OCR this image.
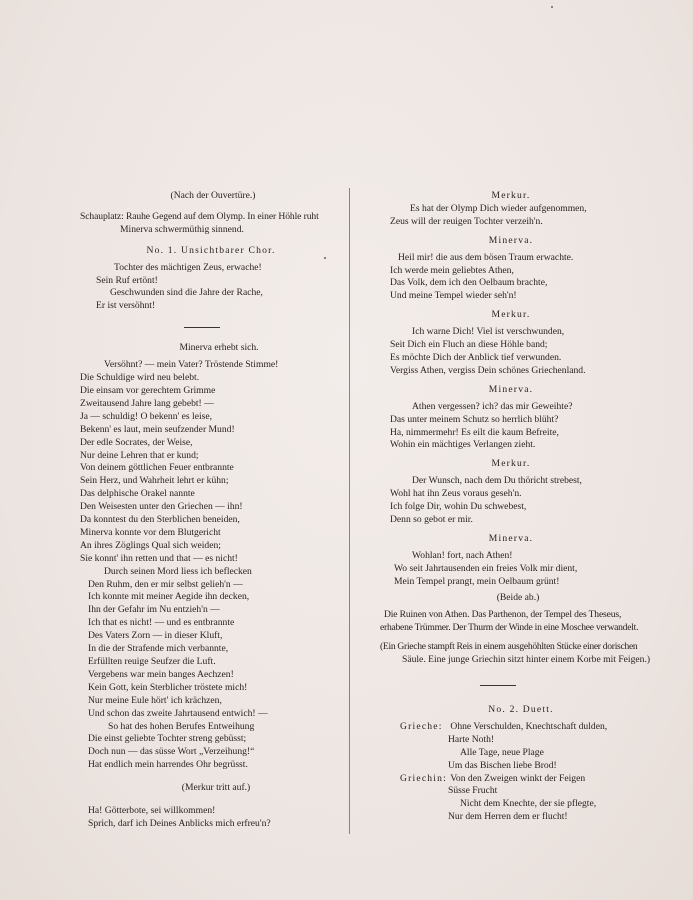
(Nach der Ouvertüre.)
Schauplatz: Rauhe Gegend auf dem Olymp. In einer Höhle ruht
Minerva schwermüthig sinnend.
No. 1. Unsichtbarer Chor.
Tochter des mächtigen Zeus, erwache!
Sein Ruf ertönt!
Geschwunden sind die Jahre der Rache,
Er ist versöhnt!
Minerva erhebt sich.
Versöhnt? — mein Vater? Tröstende Stimme!
Die Schuldige wird neu belebt.
Die einsam vor gerechtem Grimme
Zweitausend Jahre lang gebebt! —
Ja — schuldig! O bekenn' es leise,
Bekenn' es laut, mein seufzender Mund!
Der edle Socrates, der Weise,
Nur deine Lehren that er kund;
Von deinem göttlichen Feuer entbrannte
Sein Herz, und Wahrheit lehrt er kühn;
Das delphische Orakel nannte
Den Weisesten unter den Griechen — ihn!
Da konntest du den Sterblichen beneiden,
Minerva konnte vor dem Blutgericht
An ihres Zöglings Qual sich weiden;
Sie konnt' ihn retten und that — es nicht!
Durch seinen Mord liess ich beflecken
Den Ruhm, den er mir selbst gelieh'n —
Ich konnte mit meiner Aegide ihn decken,
Ihn der Gefahr im Nu entzieh'n —
Ich that es nicht! — und es entbrannte
Des Vaters Zorn — in dieser Kluft,
In die der Strafende mich verbannte,
Erfüllten reuige Seufzer die Luft.
Vergebens war mein banges Aechzen!
Kein Gott, kein Sterblicher tröstete mich!
Nur meine Eule hört' ich krächzen,
Und schon das zweite Jahrtausend entwich! —
So hat des hohen Berufes Entweihung
Die einst geliebte Tochter streng gebüsst;
Doch nun — das süsse Wort „Verzeihung!“
Hat endlich mein harrendes Ohr begrüsst.
(Merkur tritt auf.)
Ha! Götterbote, sei willkommen!
Sprich, darf ich Deines Anblicks mich erfreu'n?
Merkur.
Es hat der Olymp Dich wieder aufgenommen,
Zeus will der reuigen Tochter verzeih'n.
Minerva.
Heil mir! die aus dem bösen Traum erwachte.
Ich werde mein geliebtes Athen,
Das Volk, dem ich den Oelbaum brachte,
Und meine Tempel wieder seh'n!
Merkur.
Ich warne Dich! Viel ist verschwunden,
Seit Dich ein Fluch an diese Höhle band;
Es möchte Dich der Anblick tief verwunden.
Vergiss Athen, vergiss Dein schönes Griechenland.
Minerva.
Athen vergessen? ich? das mir Geweihte?
Das unter meinem Schutz so herrlich blüht?
Ha, nimmermehr! Es eilt die kaum Befreite,
Wohin ein mächtiges Verlangen zieht.
Merkur.
Der Wunsch, nach dem Du thöricht strebest,
Wohl hat ihn Zeus voraus geseh'n.
Ich folge Dir, wohin Du schwebest,
Denn so gebot er mir.
Minerva.
Wohlan! fort, nach Athen!
Wo seit Jahrtausenden ein freies Volk mir dient,
Mein Tempel prangt, mein Oelbaum grünt!
(Beide ab.)
Die Ruinen von Athen. Das Parthenon, der Tempel des Theseus,
erhabene Trümmer. Der Thurm der Winde in eine Moschee verwandelt.
(Ein Grieche stampft Reis in einem ausgehöhlten Stücke einer dorischen
Säule. Eine junge Griechin sitzt hinter einem Korbe mit Feigen.)
No. 2. Duett.
Grieche: Ohne Verschulden, Knechtschaft dulden,
Harte Noth!
Alle Tage, neue Plage
Um das Bischen liebe Brod!
Griechin: Von den Zweigen winkt der Feigen
Süsse Frucht
Nicht dem Knechte, der sie pflegte,
Nur dem Herren dem er flucht!
